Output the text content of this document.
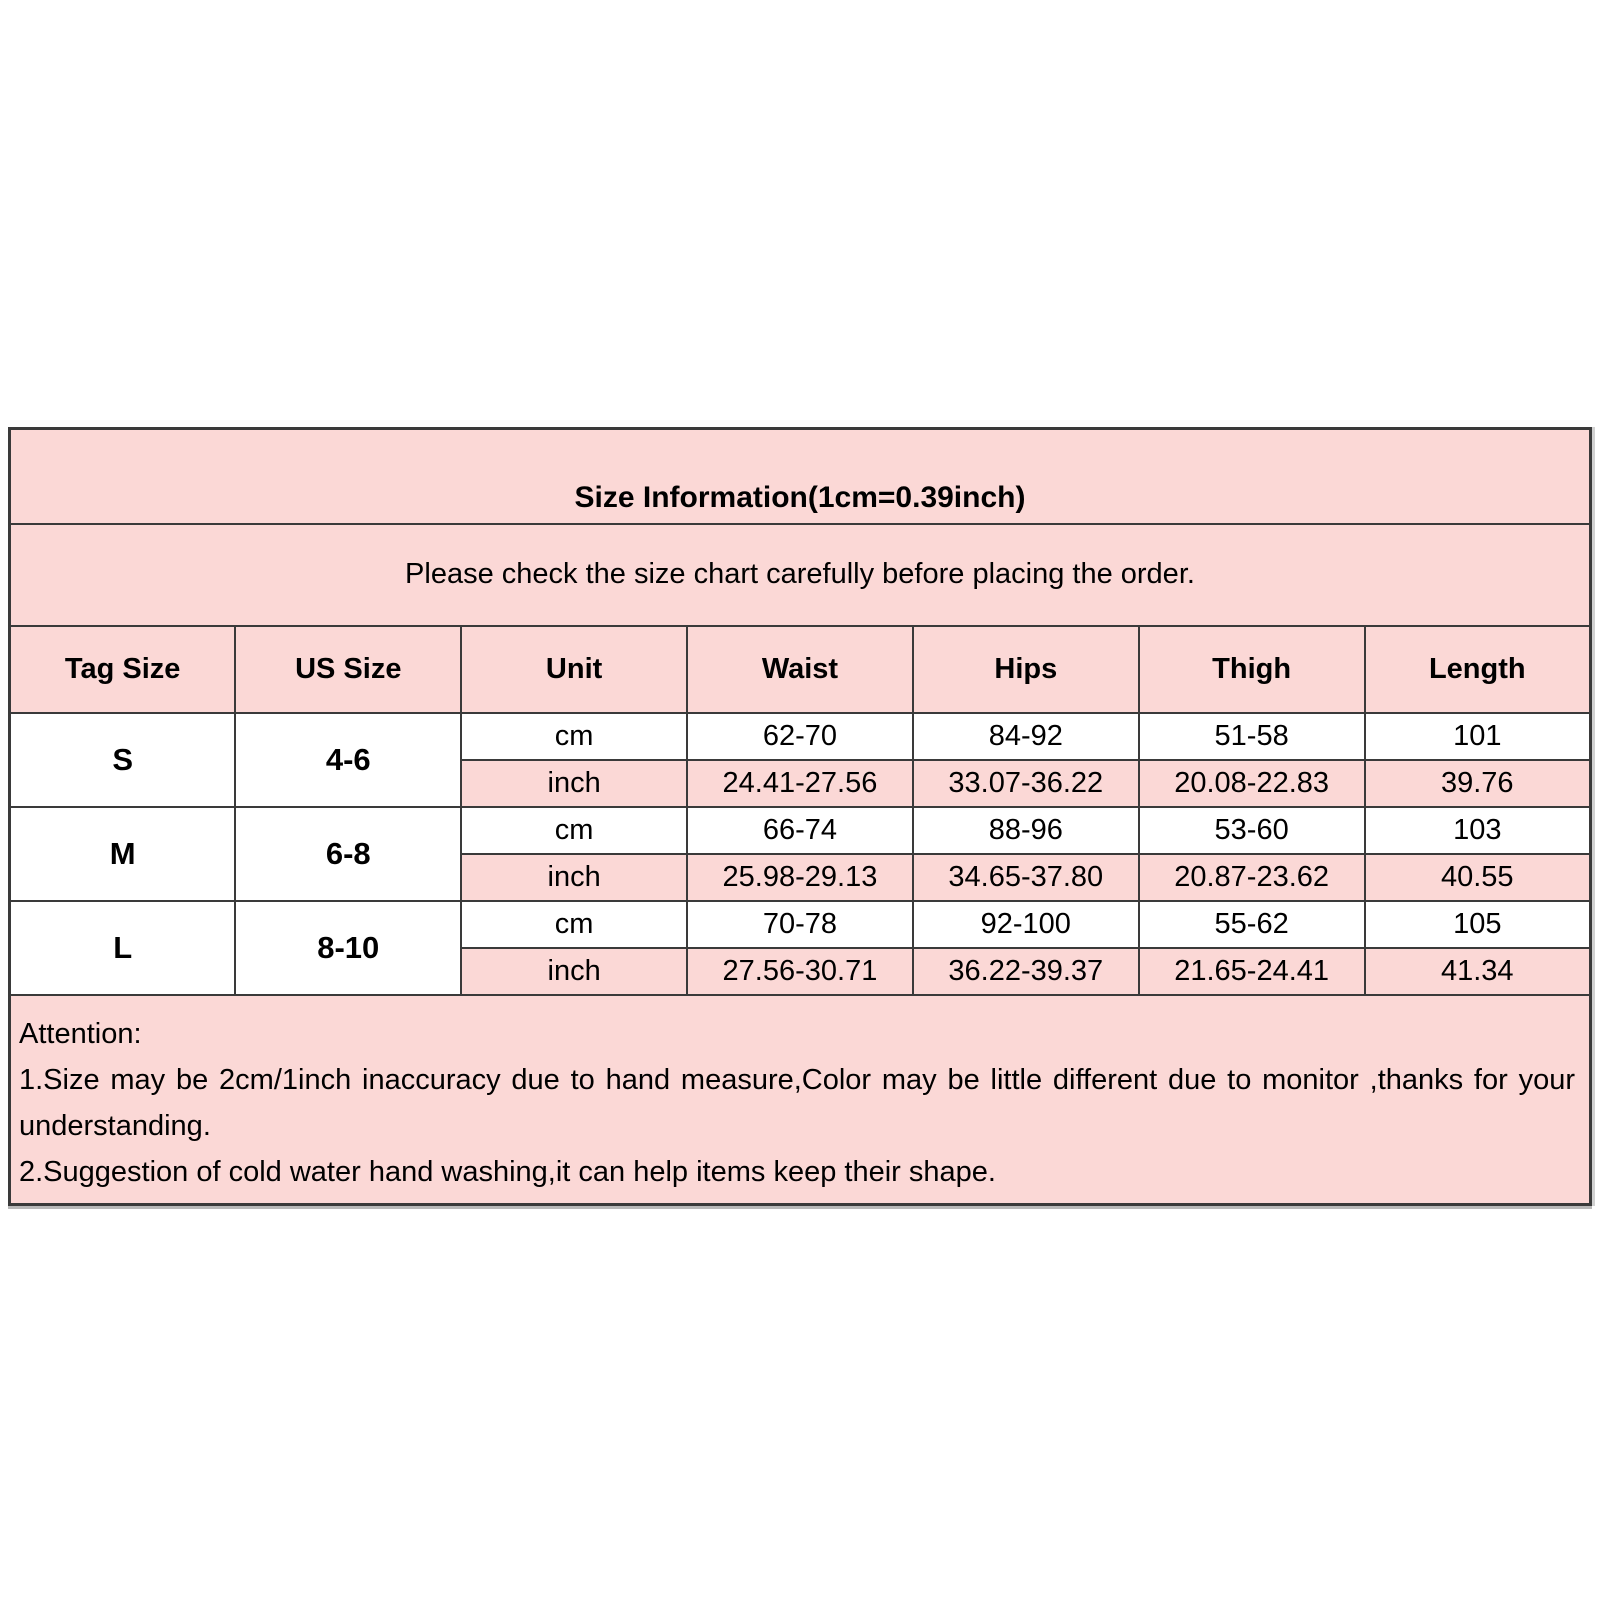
Size Information(1cm=0.39inch)						
Please check the size chart carefully before placing the order.						
Tag Size	US Size	Unit	Waist	Hips	Thigh	Length
S	4-6	cm	62-70	84-92	51-58	101
		inch	24.41-27.56	33.07-36.22	20.08-22.83	39.76
M	6-8	cm	66-74	88-96	53-60	103
		inch	25.98-29.13	34.65-37.80	20.87-23.62	40.55
L	8-10	cm	70-78	92-100	55-62	105
		inch	27.56-30.71	36.22-39.37	21.65-24.41	41.34

Attention:

1.Size may be 2cm/1inch inaccuracy due to hand measure,Color may be little different due to monitor ,thanks for your understanding.

2.Suggestion of cold water hand washing,it can help items keep their shape.						
